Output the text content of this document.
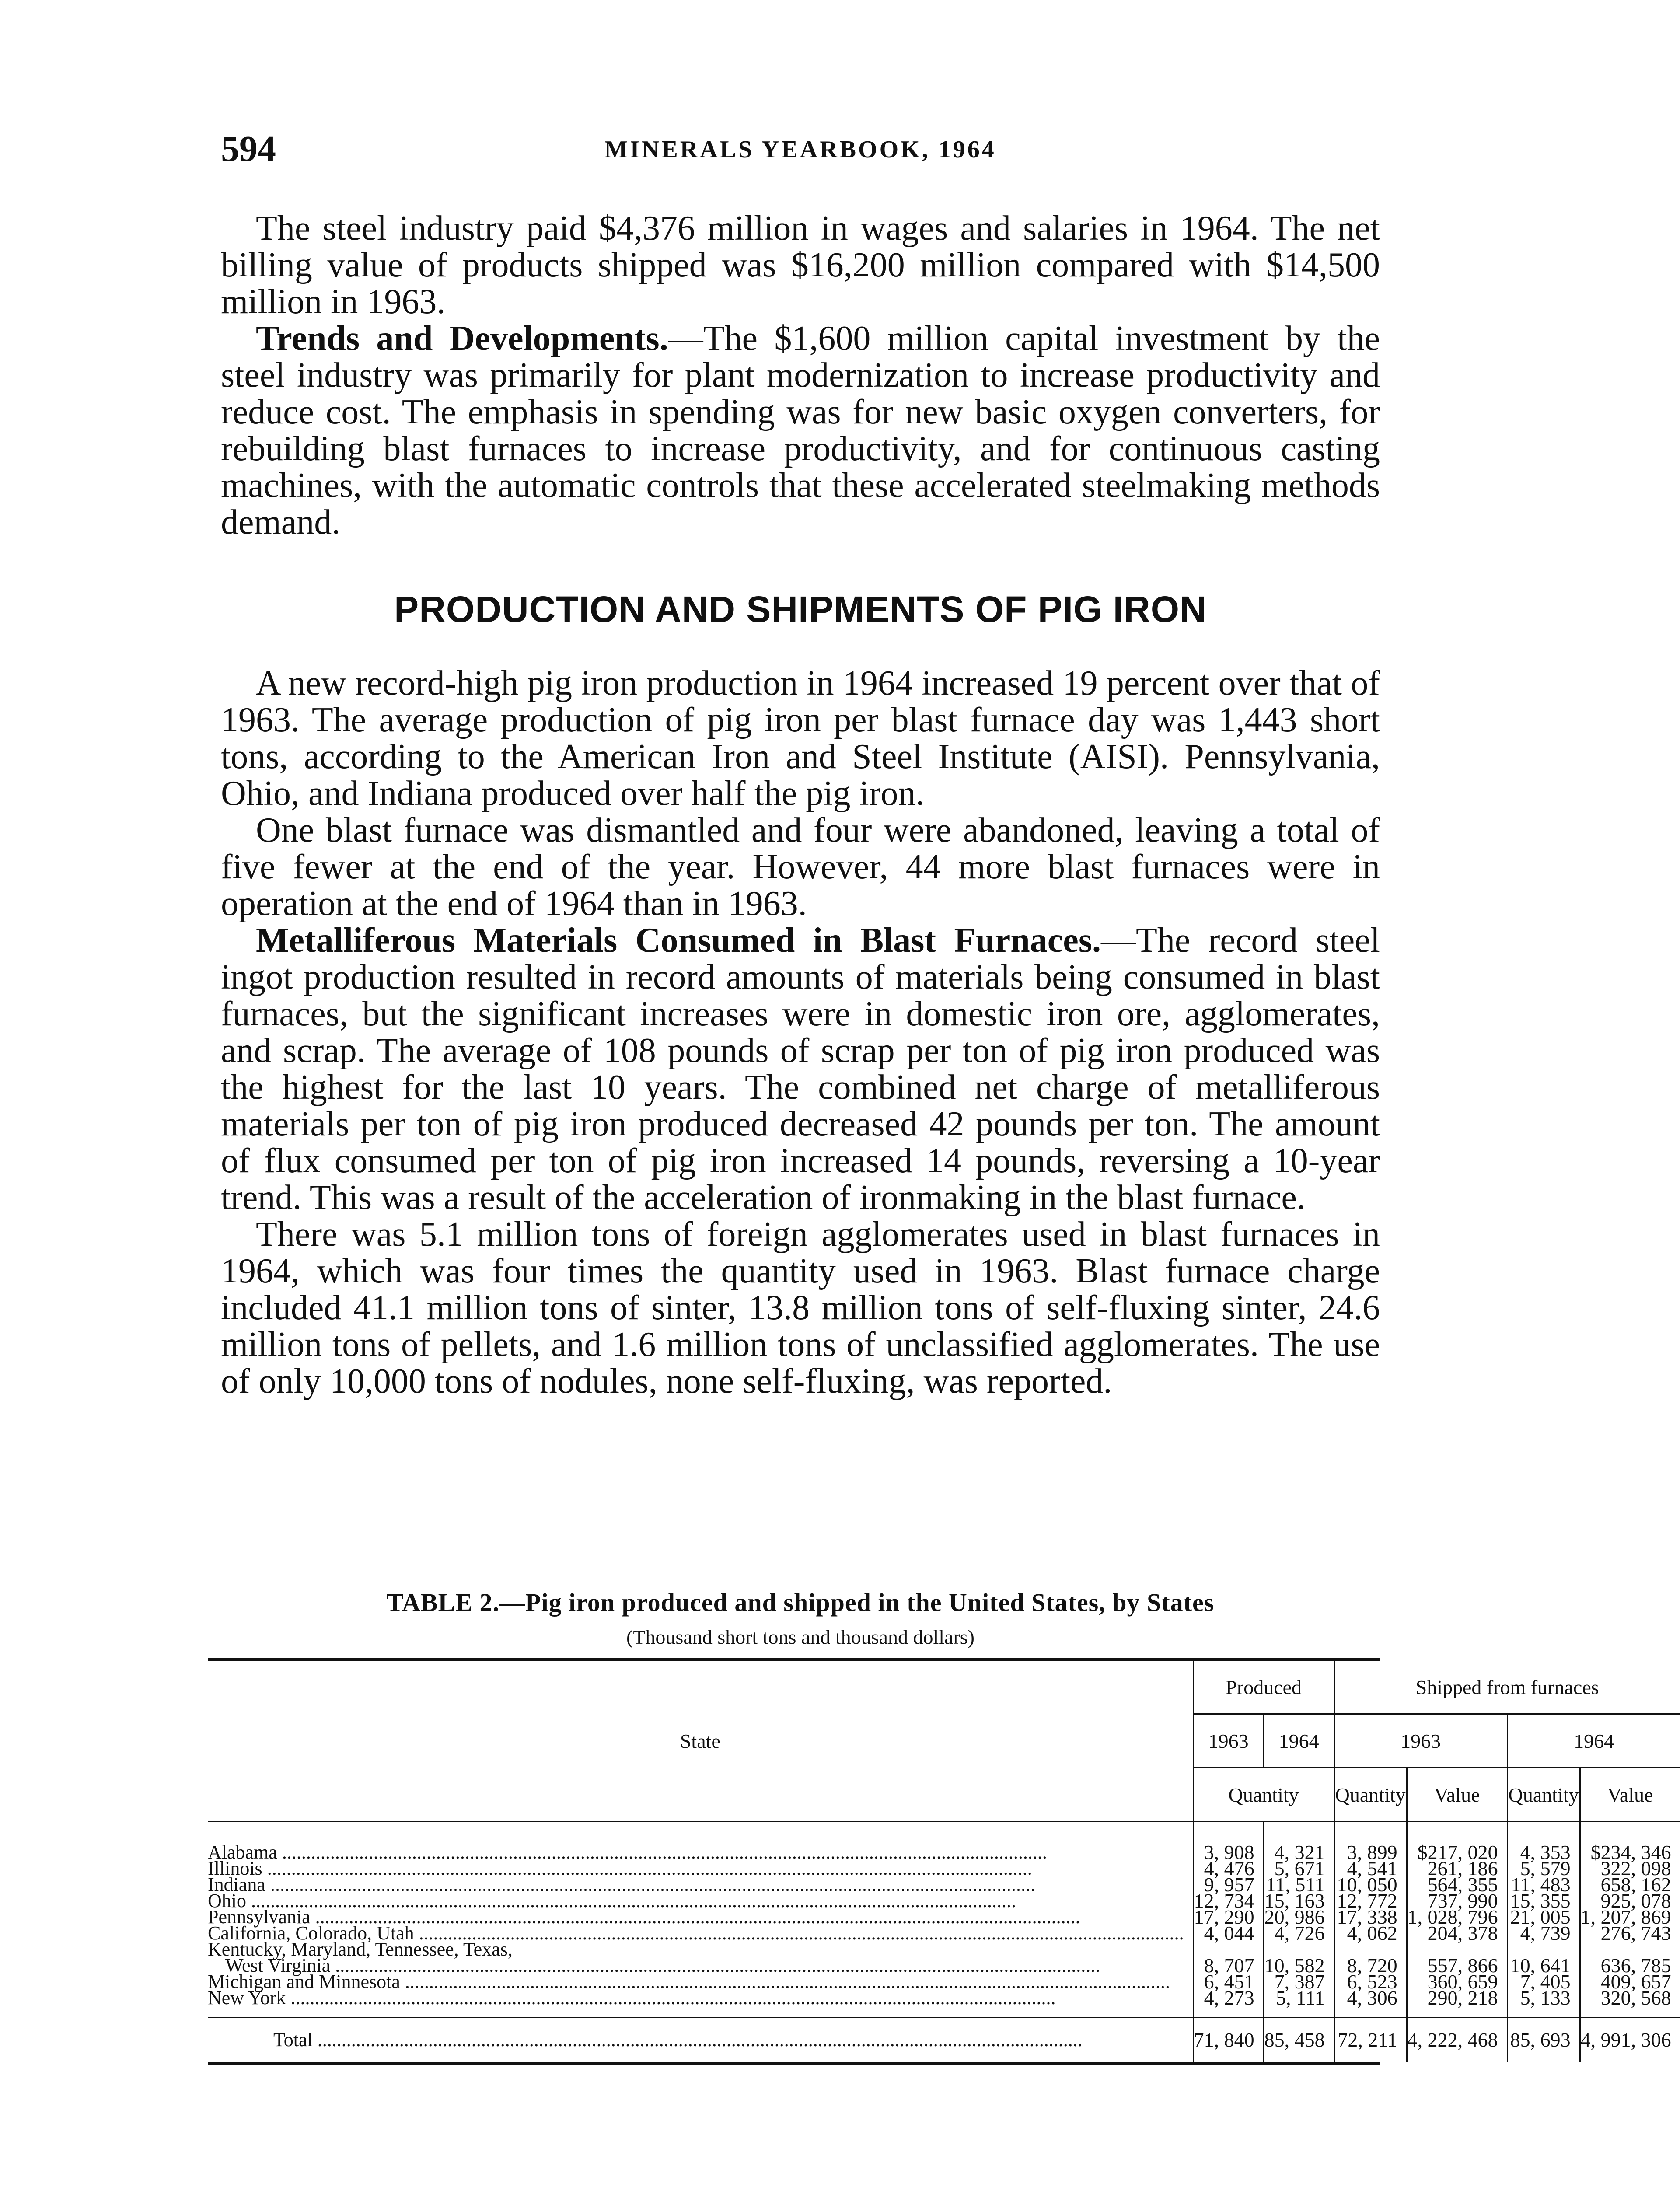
594	MINERALS YEARBOOK, 1964

The steel industry paid $4,376 million in wages and salaries in 1964. The net billing value of products shipped was $16,200 million compared with $14,500 million in 1963.

Trends and Developments.—The $1,600 million capital investment by the steel industry was primarily for plant modernization to increase productivity and reduce cost. The emphasis in spending was for new basic oxygen converters, for rebuilding blast furnaces to increase productivity, and for continuous casting machines, with the automatic controls that these accelerated steelmaking methods demand.

PRODUCTION AND SHIPMENTS OF PIG IRON

A new record-high pig iron production in 1964 increased 19 percent over that of 1963. The average production of pig iron per blast furnace day was 1,443 short tons, according to the American Iron and Steel Institute (AISI). Pennsylvania, Ohio, and Indiana produced over half the pig iron.

One blast furnace was dismantled and four were abandoned, leaving a total of five fewer at the end of the year. However, 44 more blast furnaces were in operation at the end of 1964 than in 1963.

Metalliferous Materials Consumed in Blast Furnaces.—The record steel ingot production resulted in record amounts of materials being consumed in blast furnaces, but the significant increases were in domestic iron ore, agglomerates, and scrap. The average of 108 pounds of scrap per ton of pig iron produced was the highest for the last 10 years. The combined net charge of metalliferous materials per ton of pig iron produced decreased 42 pounds per ton. The amount of flux consumed per ton of pig iron increased 14 pounds, reversing a 10-year trend. This was a result of the acceleration of ironmaking in the blast furnace.

There was 5.1 million tons of foreign agglomerates used in blast furnaces in 1964, which was four times the quantity used in 1963. Blast furnace charge included 41.1 million tons of sinter, 13.8 million tons of self-fluxing sinter, 24.6 million tons of pellets, and 1.6 million tons of unclassified agglomerates. The use of only 10,000 tons of nodules, none self-fluxing, was reported.

TABLE 2.—Pig iron produced and shipped in the United States, by States
(Thousand short tons and thousand dollars)
State	Produced		Shipped from furnaces			
	1963	1964	1963		1964	
	Quantity		Quantity	Value	Quantity	Value

Alabama .....	3, 908	4, 321	3, 899	$217, 020	4, 353	$234, 346

Illinois .....	4, 476	5, 671	4, 541	261, 186	5, 579	322, 098

Indiana .....	9, 957	11, 511	10, 050	564, 355	11, 483	658, 162

Ohio .....	12, 734	15, 163	12, 772	737, 990	15, 355	925, 078

Pennsylvania .....	17, 290	20, 986	17, 338	1, 028, 796	21, 005	1, 207, 869

California, Colorado, Utah .....	4, 044	4, 726	4, 062	204, 378	4, 739	276, 743
Kentucky, Maryland, Tennessee, Texas,						

West Virginia .....	8, 707	10, 582	8, 720	557, 866	10, 641	636, 785

Michigan and Minnesota .....	6, 451	7, 387	6, 523	360, 659	7, 405	409, 657

New York .....	4, 273	5, 111	4, 306	290, 218	5, 133	320, 568

Total .....	71, 840	85, 458	72, 211	4, 222, 468	85, 693	4, 991, 306
